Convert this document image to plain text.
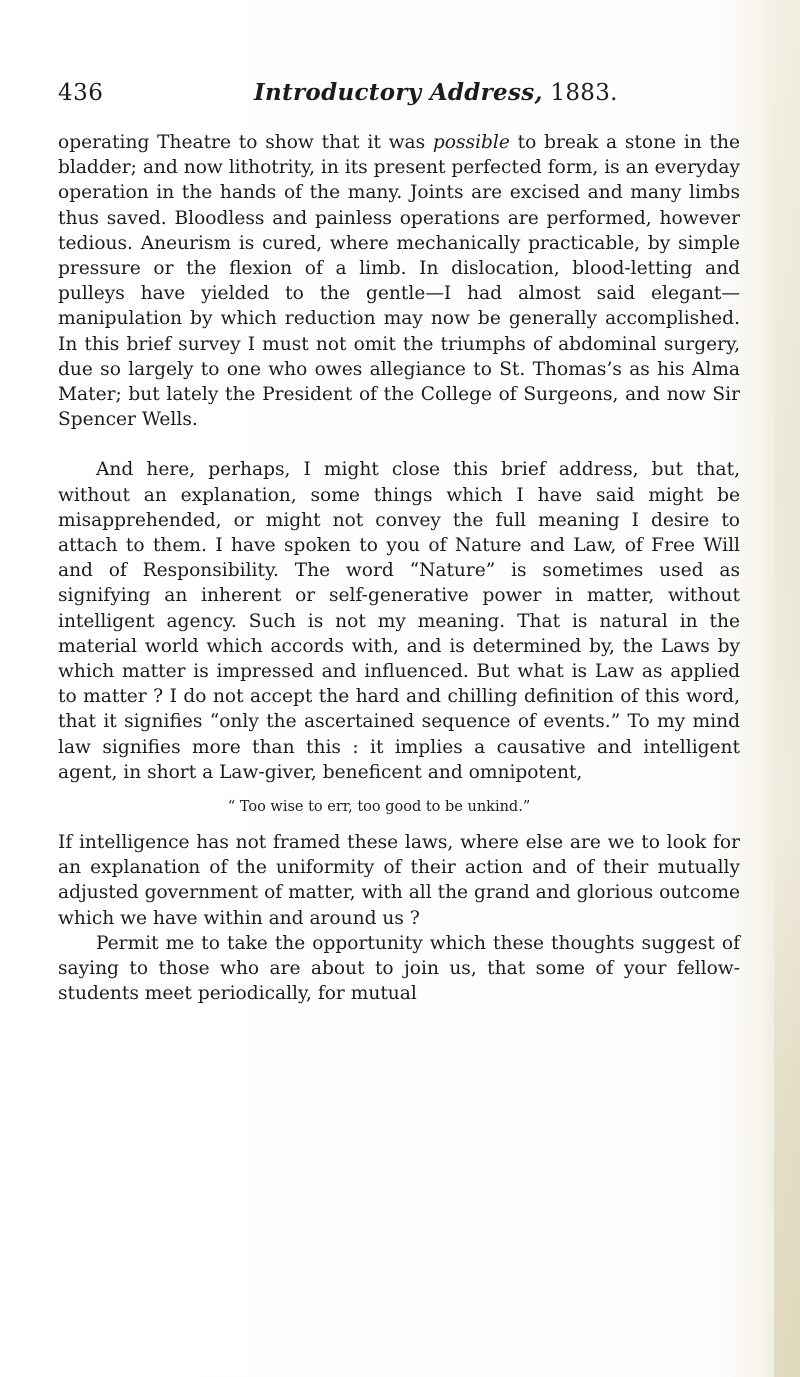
436	Introductory Address, 1883.

operating Theatre to show that it was possible to break a stone in the bladder; and now lithotrity, in its present perfected form, is an everyday operation in the hands of the many. Joints are excised and many limbs thus saved. Bloodless and painless operations are performed, however tedious. Aneurism is cured, where mechanically practicable, by simple pressure or the flexion of a limb. In dislocation, blood-letting and pulleys have yielded to the gentle—I had almost said elegant—manipulation by which reduction may now be generally accomplished. In this brief survey I must not omit the triumphs of abdominal surgery, due so largely to one who owes allegiance to St. Thomas’s as his Alma Mater; but lately the President of the College of Surgeons, and now Sir Spencer Wells.

And here, perhaps, I might close this brief address, but that, without an explanation, some things which I have said might be misapprehended, or might not convey the full meaning I desire to attach to them. I have spoken to you of Nature and Law, of Free Will and of Responsibility. The word “Nature” is sometimes used as signifying an inherent or self-generative power in matter, without intelligent agency. Such is not my meaning. That is natural in the material world which accords with, and is determined by, the Laws by which matter is impressed and influenced. But what is Law as applied to matter ? I do not accept the hard and chilling definition of this word, that it signifies “only the ascertained sequence of events.” To my mind law signifies more than this : it implies a causative and intelligent agent, in short a Law-giver, beneficent and omnipotent,

“ Too wise to err, too good to be unkind.”

If intelligence has not framed these laws, where else are we to look for an explanation of the uniformity of their action and of their mutually adjusted government of matter, with all the grand and glorious outcome which we have within and around us ?

Permit me to take the opportunity which these thoughts suggest of saying to those who are about to join us, that some of your fellow-students meet periodically, for mutual
